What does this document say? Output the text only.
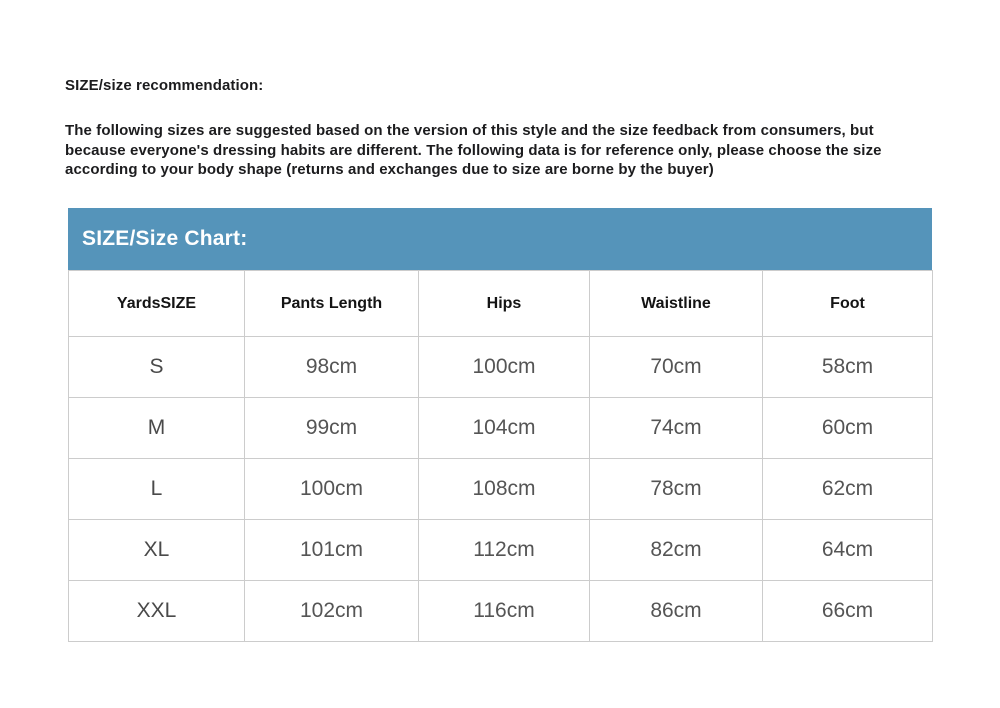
SIZE/size recommendation:
The following sizes are suggested based on the version of this style and the size feedback from consumers, but because everyone's dressing habits are different. The following data is for reference only, please choose the size according to your body shape (returns and exchanges due to size are borne by the buyer)
SIZE/Size Chart:
YardsSIZE	Pants Length	Hips	Waistline	Foot
S	98cm	100cm	70cm	58cm
M	99cm	104cm	74cm	60cm
L	100cm	108cm	78cm	62cm
XL	101cm	112cm	82cm	64cm
XXL	102cm	116cm	86cm	66cm
